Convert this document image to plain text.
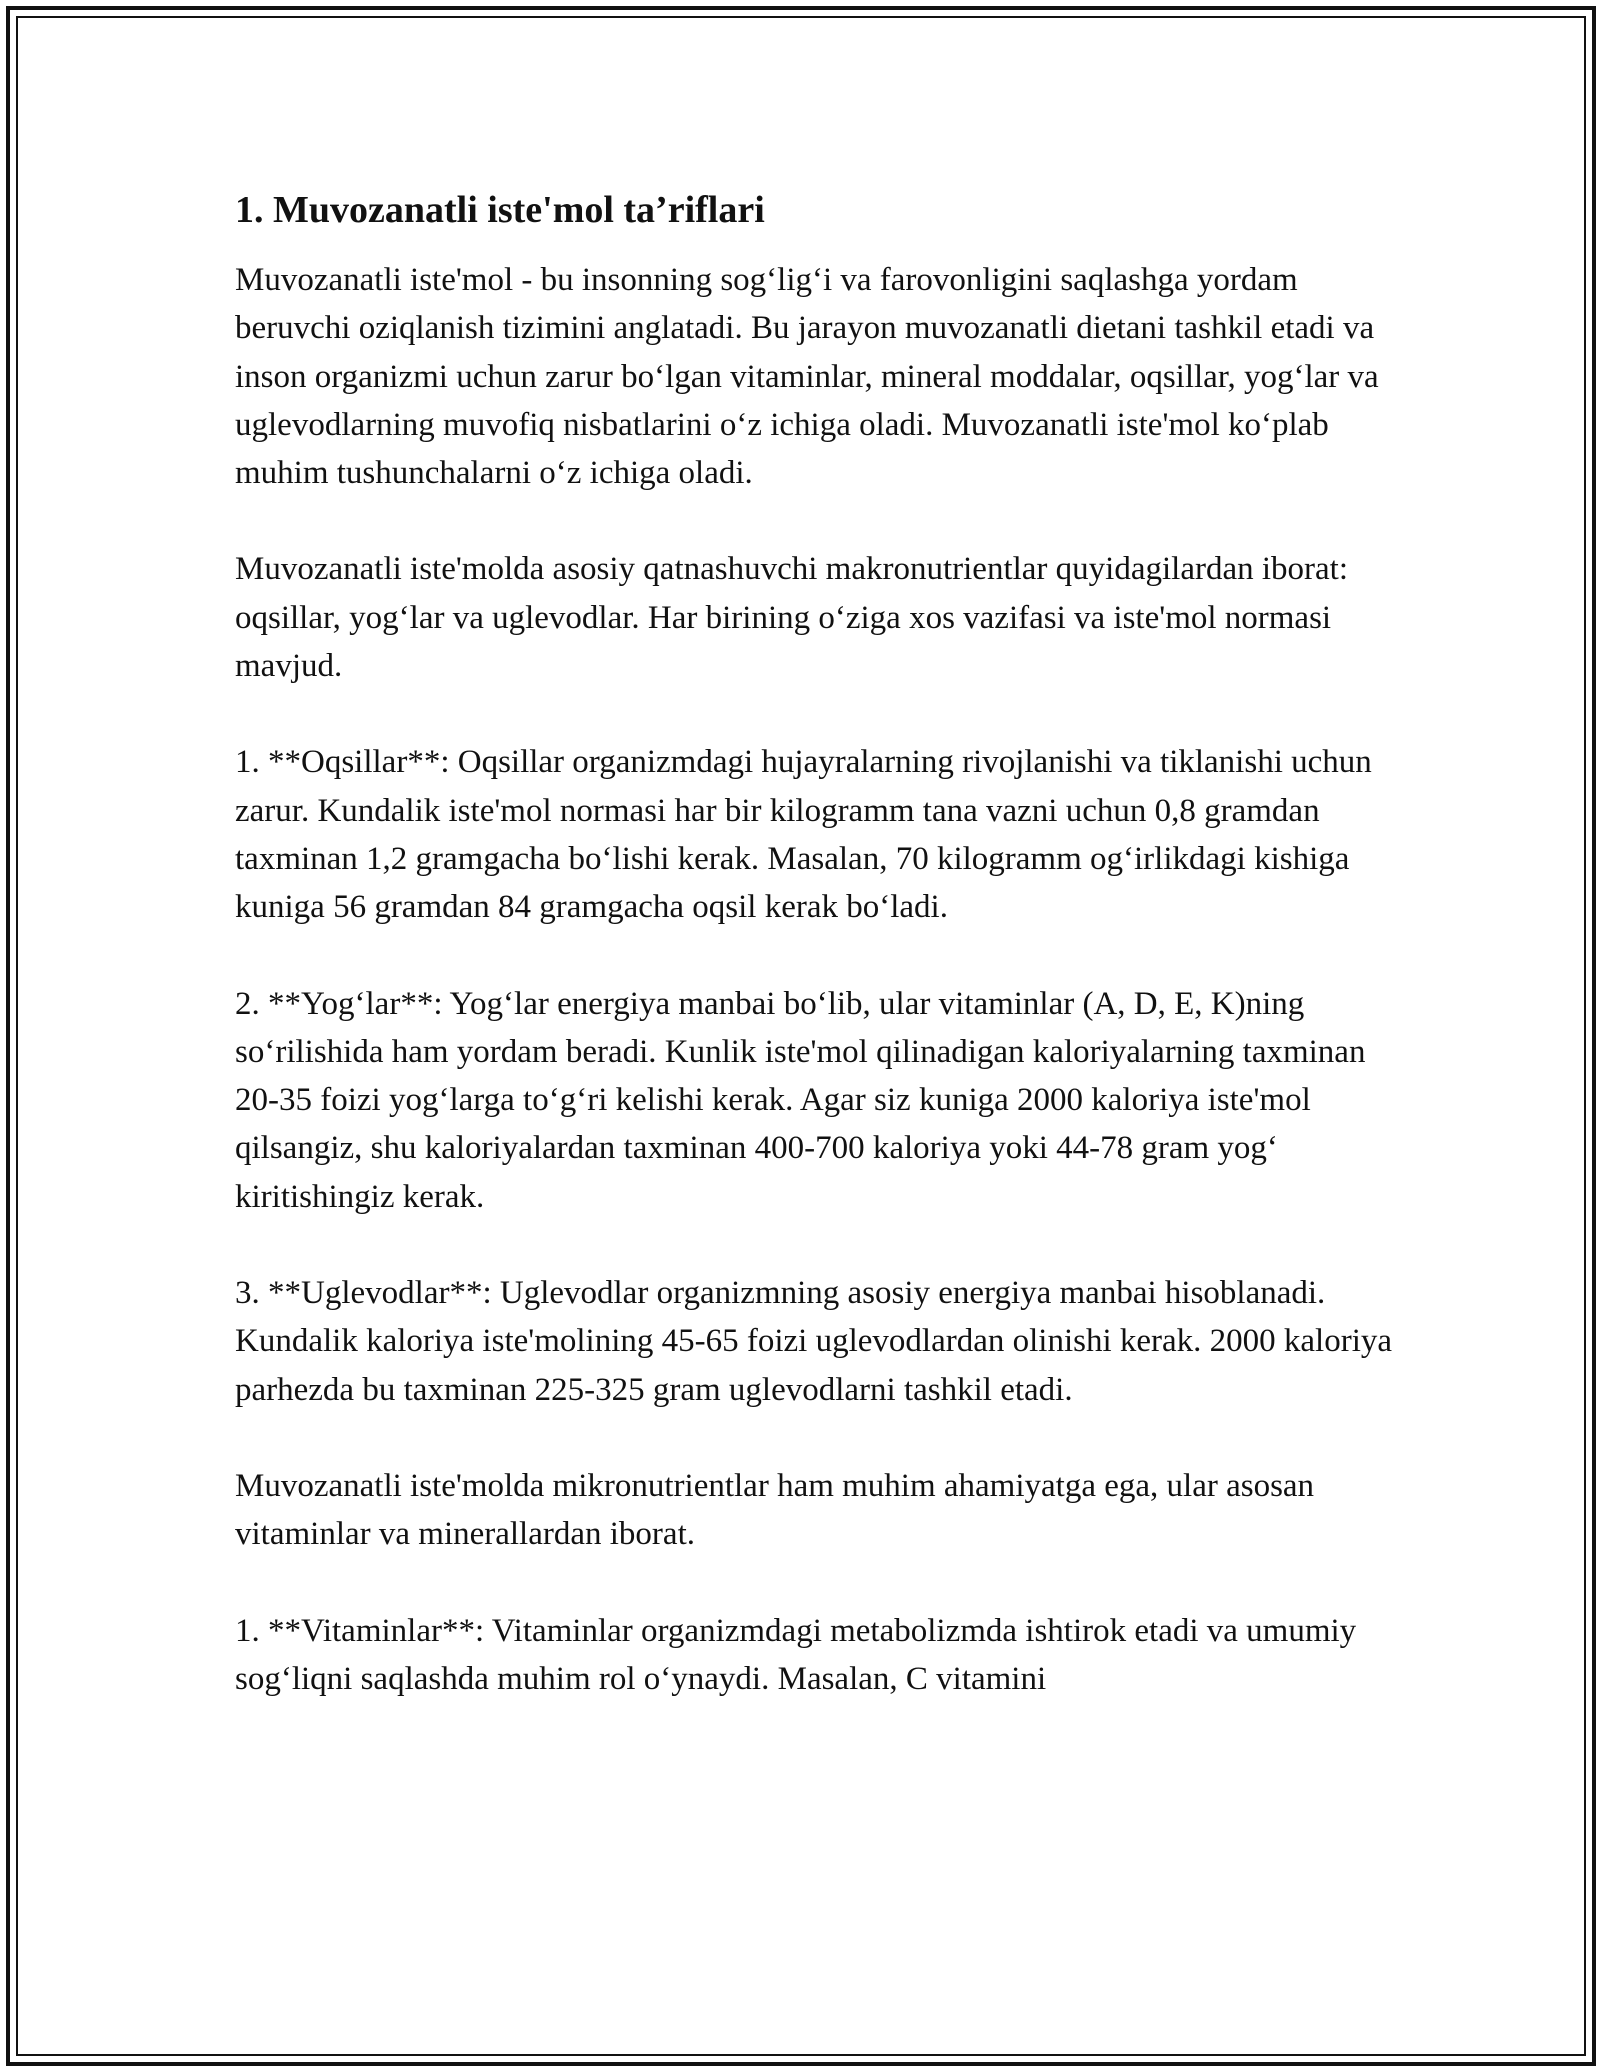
1. Muvozanatli iste'mol ta’riflari

Muvozanatli iste'mol - bu insonning sog‘lig‘i va farovonligini saqlashga yordam beruvchi oziqlanish tizimini anglatadi. Bu jarayon muvozanatli dietani tashkil etadi va inson organizmi uchun zarur bo‘lgan vitaminlar, mineral moddalar, oqsillar, yog‘lar va uglevodlarning muvofiq nisbatlarini o‘z ichiga oladi. Muvozanatli iste'mol ko‘plab muhim tushunchalarni o‘z ichiga oladi.

Muvozanatli iste'molda asosiy qatnashuvchi makronutrientlar quyidagilardan iborat: oqsillar, yog‘lar va uglevodlar. Har birining o‘ziga xos vazifasi va iste'mol normasi mavjud.

1. **Oqsillar**: Oqsillar organizmdagi hujayralarning rivojlanishi va tiklanishi uchun zarur. Kundalik iste'mol normasi har bir kilogramm tana vazni uchun 0,8 gramdan taxminan 1,2 gramgacha bo‘lishi kerak. Masalan, 70 kilogramm og‘irlikdagi kishiga kuniga 56 gramdan 84 gramgacha oqsil kerak bo‘ladi.

2. **Yog‘lar**: Yog‘lar energiya manbai bo‘lib, ular vitaminlar (A, D, E, K)ning so‘rilishida ham yordam beradi. Kunlik iste'mol qilinadigan kaloriyalarning taxminan 20-35 foizi yog‘larga to‘g‘ri kelishi kerak. Agar siz kuniga 2000 kaloriya iste'mol qilsangiz, shu kaloriyalardan taxminan 400-700 kaloriya yoki 44-78 gram yog‘ kiritishingiz kerak.

3. **Uglevodlar**: Uglevodlar organizmning asosiy energiya manbai hisoblanadi. Kundalik kaloriya iste'molining 45-65 foizi uglevodlardan olinishi kerak. 2000 kaloriya parhezda bu taxminan 225-325 gram uglevodlarni tashkil etadi.

Muvozanatli iste'molda mikronutrientlar ham muhim ahamiyatga ega, ular asosan vitaminlar va minerallardan iborat.

1. **Vitaminlar**: Vitaminlar organizmdagi metabolizmda ishtirok etadi va umumiy sog‘liqni saqlashda muhim rol o‘ynaydi. Masalan, C vitamini
